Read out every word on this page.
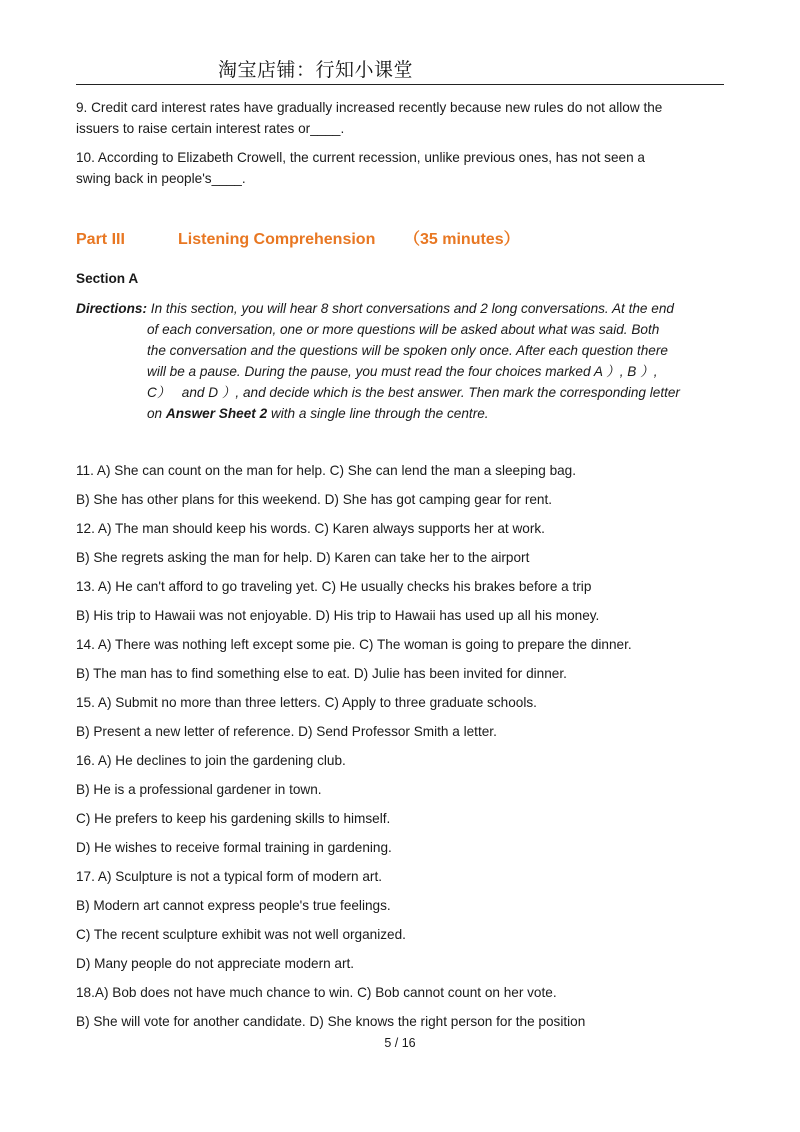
淘宝店铺：行知小课堂
9. Credit card interest rates have gradually increased recently because new rules do not allow the
issuers to raise certain interest rates or____.
10. According to Elizabeth Crowell, the current recession, unlike previous ones, has not seen a
swing back in people's____.
Part III	Listening Comprehension （35 minutes）
Section A
Directions: In this section, you will hear 8 short conversations and 2 long conversations. At the end
of each conversation, one or more questions will be asked about what was said. Both
the conversation and the questions will be spoken only once. After each question there
will be a pause. During the pause, you must read the four choices marked A ）, B ）,
C） and D ）, and decide which is the best answer. Then mark the corresponding letter
on Answer Sheet 2 with a single line through the centre.
11. A) She can count on the man for help. C) She can lend the man a sleeping bag.
B) She has other plans for this weekend. D) She has got camping gear for rent.
12. A) The man should keep his words. C) Karen always supports her at work.
B) She regrets asking the man for help. D) Karen can take her to the airport
13. A) He can't afford to go traveling yet. C) He usually checks his brakes before a trip
B) His trip to Hawaii was not enjoyable. D) His trip to Hawaii has used up all his money.
14. A) There was nothing left except some pie. C) The woman is going to prepare the dinner.
B) The man has to find something else to eat. D) Julie has been invited for dinner.
15. A) Submit no more than three letters. C) Apply to three graduate schools.
B) Present a new letter of reference. D) Send Professor Smith a letter.
16. A) He declines to join the gardening club.
B) He is a professional gardener in town.
C) He prefers to keep his gardening skills to himself.
D) He wishes to receive formal training in gardening.
17. A) Sculpture is not a typical form of modern art.
B) Modern art cannot express people's true feelings.
C) The recent sculpture exhibit was not well organized.
D) Many people do not appreciate modern art.
18.A) Bob does not have much chance to win. C) Bob cannot count on her vote.
B) She will vote for another candidate. D) She knows the right person for the position
5 / 16
